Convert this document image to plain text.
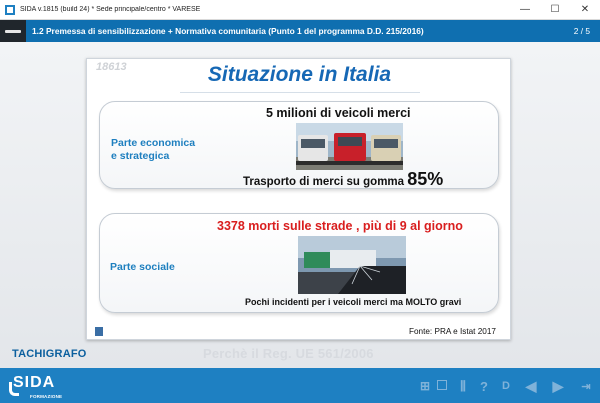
SIDA v.1815 (build 24) * Sede principale/centro * VARESE	—	☐	✕
1.2 Premessa di sensibilizzazione + Normativa comunitaria (Punto 1 del programma D.D. 215/2016)	2 / 5
TACHIGRAFO	Perchè il Reg. UE 561/2006
18613	Situazione in Italia
Parte economica
e strategica
5 milioni di veicoli merci
Trasporto di merci su gomma 85%
Parte sociale
3378 morti sulle strade , più di 9 al giorno
Pochi incidenti per i veicoli merci ma MOLTO gravi
Fonte: PRA e Istat 2017
SIDA
FORMAZIONE
⊞	⫼ ? D ◀ ▶	⇥
